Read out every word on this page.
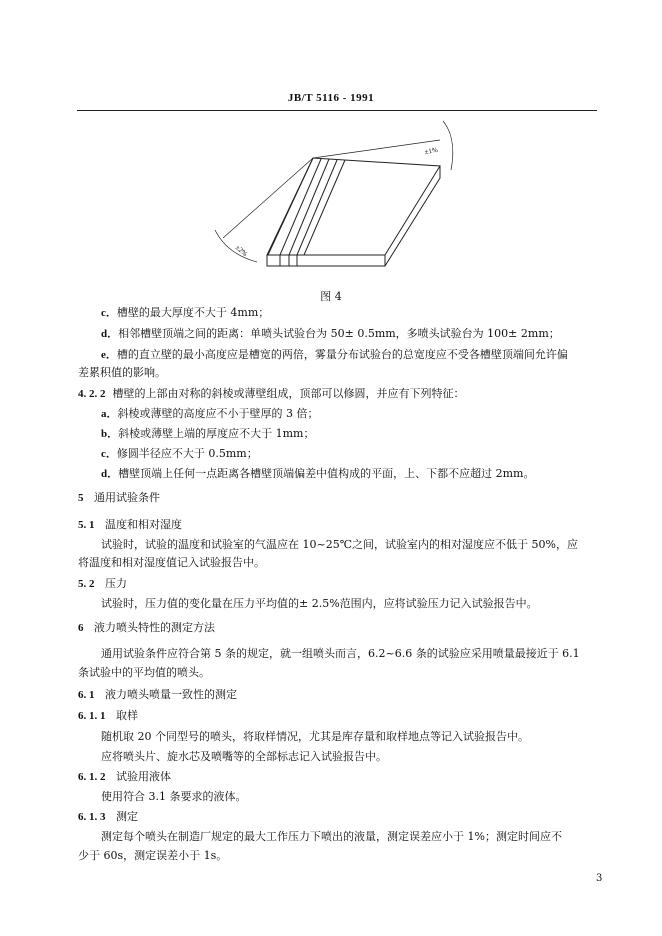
JB/T 5116 - 1991
±1%
±2%
图 4
c．槽壁的最大厚度不大于 4mm；
d．相邻槽壁顶端之间的距离：单喷头试验台为 50± 0.5mm，多喷头试验台为 100± 2mm；
e．槽的直立壁的最小高度应是槽宽的两倍，雾量分布试验台的总宽度应不受各槽壁顶端间允许偏
差累积值的影响。
4. 2. 2 槽壁的上部由对称的斜棱或薄壁组成，顶部可以修圆，并应有下列特征：
a．斜棱或薄壁的高度应不小于壁厚的 3 倍；
b．斜棱或薄壁上端的厚度应不大于 1mm；
c．修圆半径应不大于 0.5mm；
d．槽壁顶端上任何一点距离各槽壁顶端偏差中值构成的平面，上、下都不应超过 2mm。
5 通用试验条件
5. 1 温度和相对湿度
试验时，试验的温度和试验室的气温应在 10~25℃之间，试验室内的相对湿度应不低于 50%，应
将温度和相对湿度值记入试验报告中。
5. 2 压力
试验时，压力值的变化量在压力平均值的± 2.5%范围内，应将试验压力记入试验报告中。
6 液力喷头特性的测定方法
通用试验条件应符合第 5 条的规定，就一组喷头而言，6.2~6.6 条的试验应采用喷量最接近于 6.1
条试验中的平均值的喷头。
6. 1 液力喷头喷量一致性的测定
6. 1. 1 取样
随机取 20 个同型号的喷头，将取样情况，尤其是库存量和取样地点等记入试验报告中。
应将喷头片、旋水芯及喷嘴等的全部标志记入试验报告中。
6. 1. 2 试验用液体
使用符合 3.1 条要求的液体。
6. 1. 3 测定
测定每个喷头在制造厂规定的最大工作压力下喷出的液量，测定误差应小于 1%；测定时间应不
少于 60s，测定误差小于 1s。
3
